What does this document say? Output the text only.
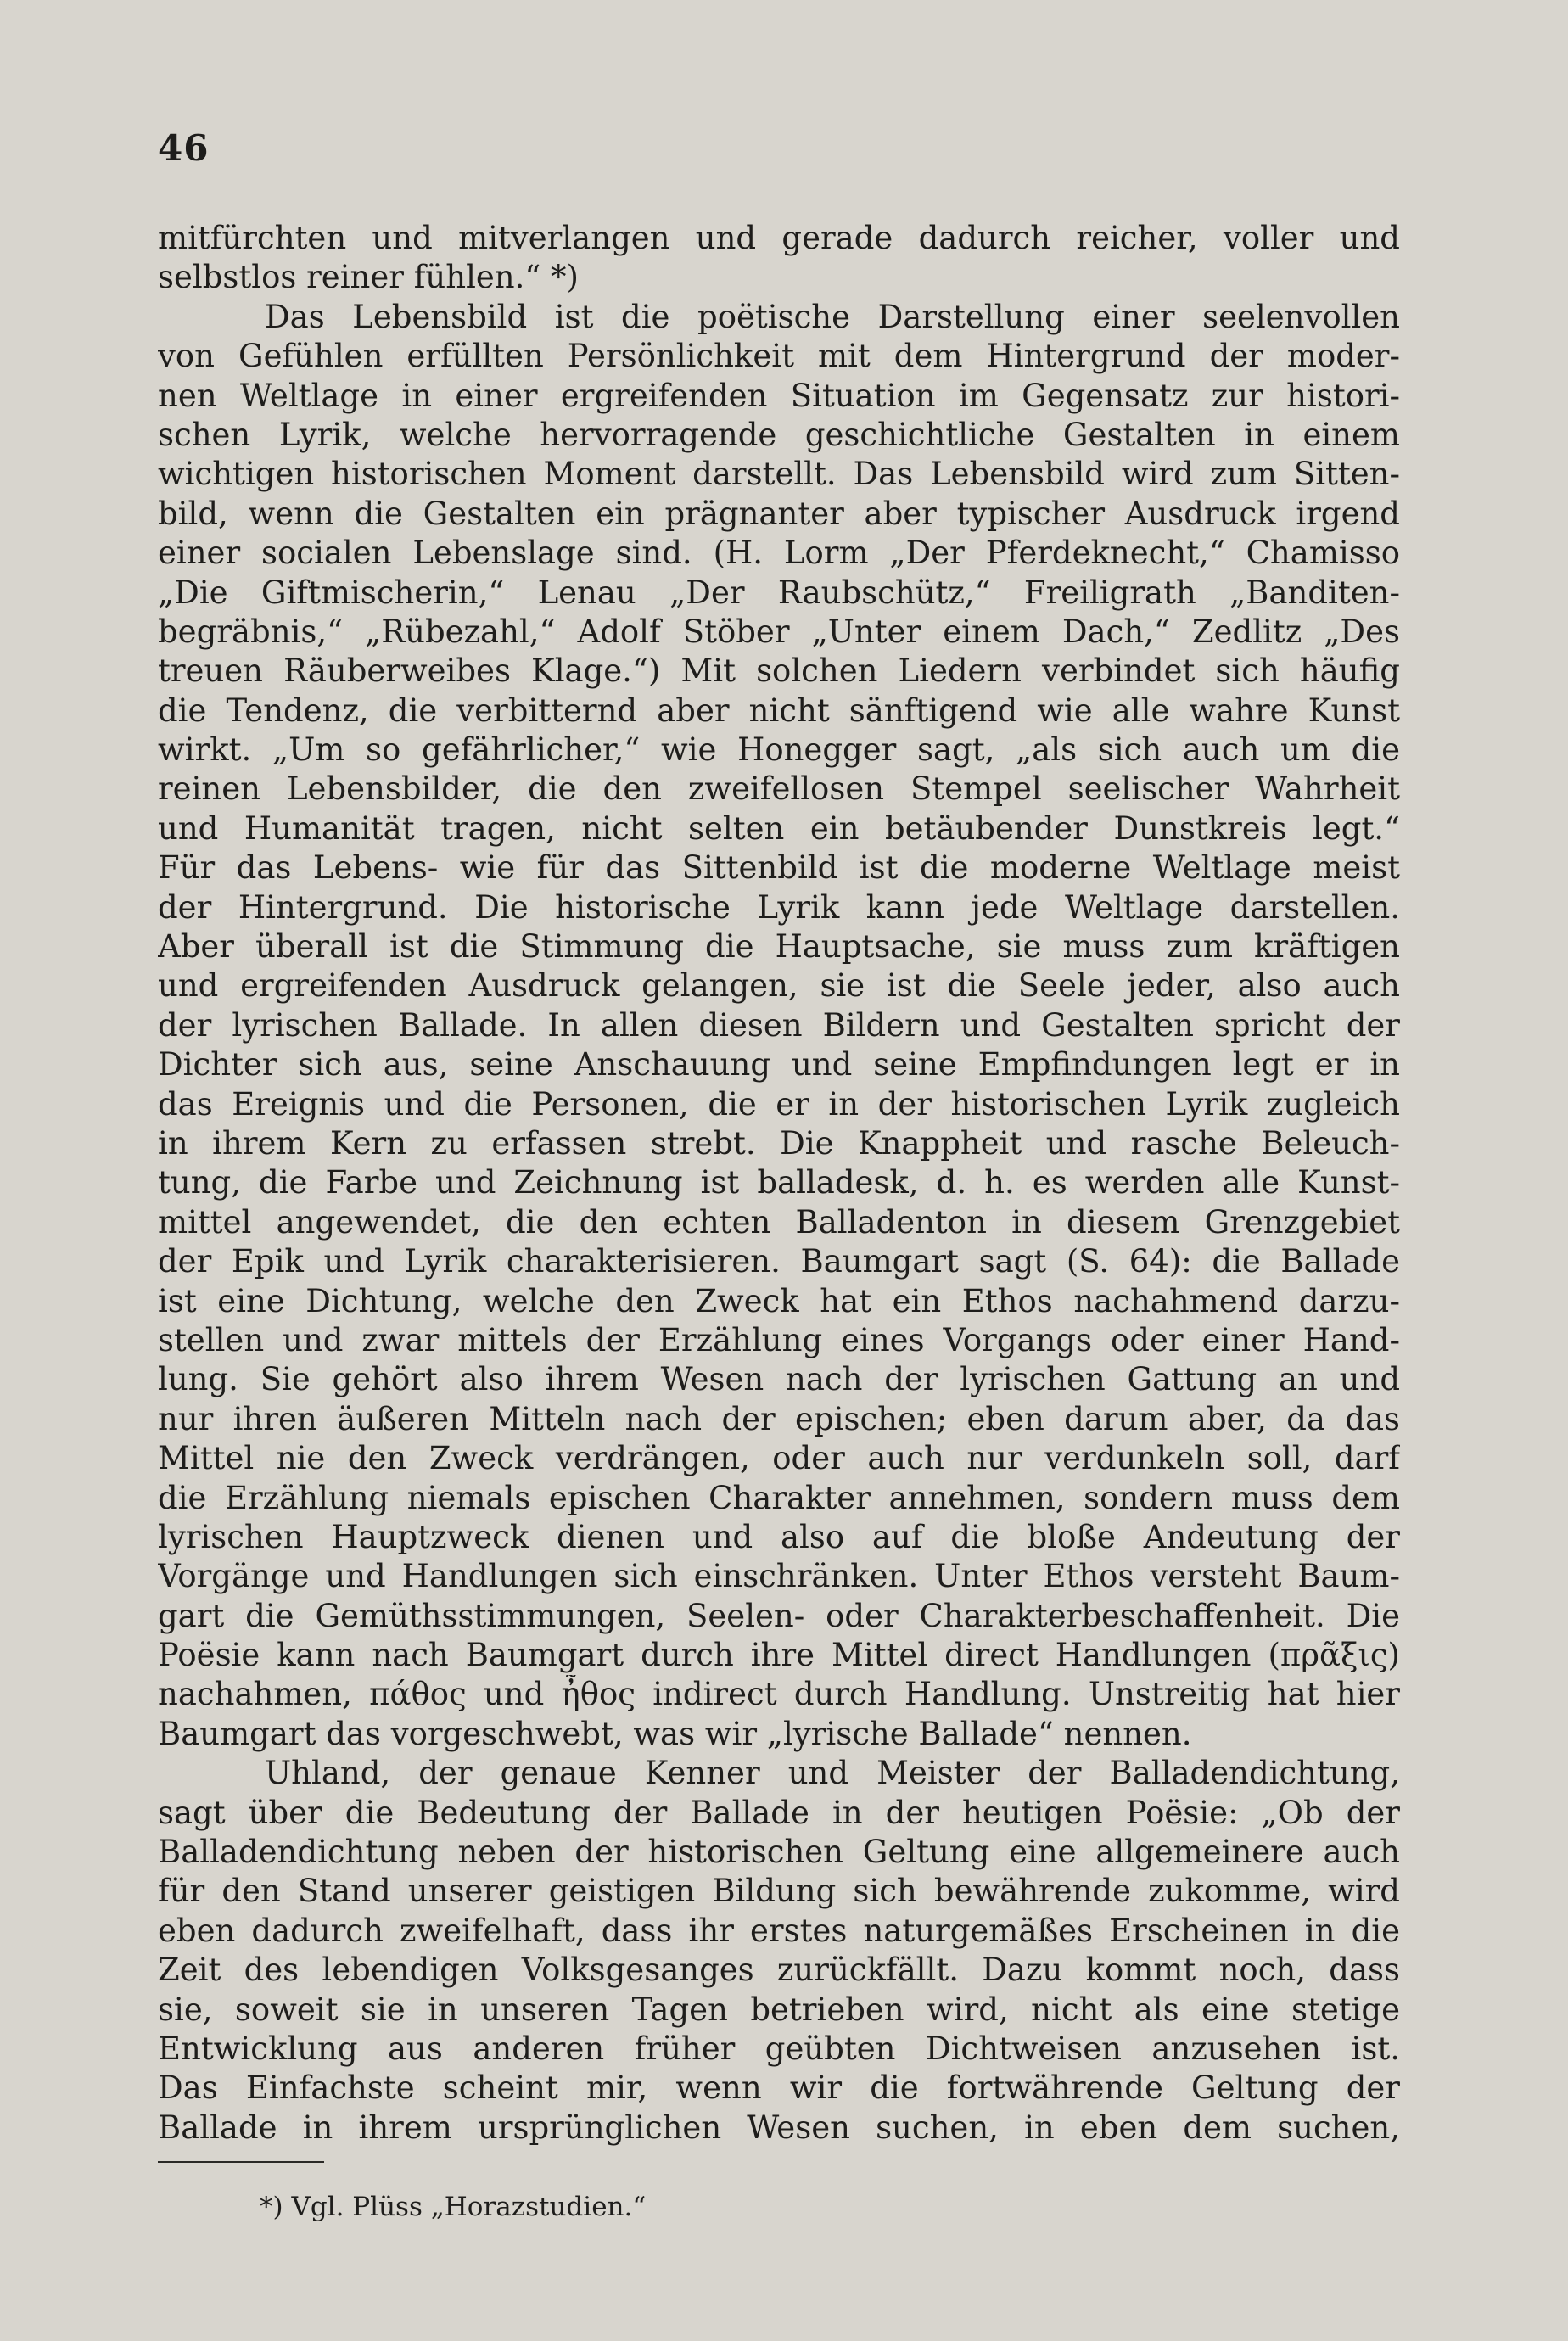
46
mitfürchten und mitverlangen und gerade dadurch reicher, voller und
selbstlos reiner fühlen.“ *)
Das Lebensbild ist die poëtische Darstellung einer seelenvollen
von Gefühlen erfüllten Persönlichkeit mit dem Hintergrund der moder-
nen Weltlage in einer ergreifenden Situation im Gegensatz zur histori-
schen Lyrik, welche hervorragende geschichtliche Gestalten in einem
wichtigen historischen Moment darstellt. Das Lebensbild wird zum Sitten-
bild, wenn die Gestalten ein prägnanter aber typischer Ausdruck irgend
einer socialen Lebenslage sind. (H. Lorm „Der Pferdeknecht,“ Chamisso
„Die Giftmischerin,“ Lenau „Der Raubschütz,“ Freiligrath „Banditen-
begräbnis,“ „Rübezahl,“ Adolf Stöber „Unter einem Dach,“ Zedlitz „Des
treuen Räuberweibes Klage.“) Mit solchen Liedern verbindet sich häufig
die Tendenz, die verbitternd aber nicht sänftigend wie alle wahre Kunst
wirkt. „Um so gefährlicher,“ wie Honegger sagt, „als sich auch um die
reinen Lebensbilder, die den zweifellosen Stempel seelischer Wahrheit
und Humanität tragen, nicht selten ein betäubender Dunstkreis legt.“
Für das Lebens- wie für das Sittenbild ist die moderne Weltlage meist
der Hintergrund. Die historische Lyrik kann jede Weltlage darstellen.
Aber überall ist die Stimmung die Hauptsache, sie muss zum kräftigen
und ergreifenden Ausdruck gelangen, sie ist die Seele jeder, also auch
der lyrischen Ballade. In allen diesen Bildern und Gestalten spricht der
Dichter sich aus, seine Anschauung und seine Empfindungen legt er in
das Ereignis und die Personen, die er in der historischen Lyrik zugleich
in ihrem Kern zu erfassen strebt. Die Knappheit und rasche Beleuch-
tung, die Farbe und Zeichnung ist balladesk, d. h. es werden alle Kunst-
mittel angewendet, die den echten Balladenton in diesem Grenzgebiet
der Epik und Lyrik charakterisieren. Baumgart sagt (S. 64): die Ballade
ist eine Dichtung, welche den Zweck hat ein Ethos nachahmend darzu-
stellen und zwar mittels der Erzählung eines Vorgangs oder einer Hand-
lung. Sie gehört also ihrem Wesen nach der lyrischen Gattung an und
nur ihren äußeren Mitteln nach der epischen; eben darum aber, da das
Mittel nie den Zweck verdrängen, oder auch nur verdunkeln soll, darf
die Erzählung niemals epischen Charakter annehmen, sondern muss dem
lyrischen Hauptzweck dienen und also auf die bloße Andeutung der
Vorgänge und Handlungen sich einschränken. Unter Ethos versteht Baum-
gart die Gemüthsstimmungen, Seelen- oder Charakterbeschaffenheit. Die
Poësie kann nach Baumgart durch ihre Mittel direct Handlungen (πρᾶξις)
nachahmen, πάθος und ἦθος indirect durch Handlung. Unstreitig hat hier
Baumgart das vorgeschwebt, was wir „lyrische Ballade“ nennen.
Uhland, der genaue Kenner und Meister der Balladendichtung,
sagt über die Bedeutung der Ballade in der heutigen Poësie: „Ob der
Balladendichtung neben der historischen Geltung eine allgemeinere auch
für den Stand unserer geistigen Bildung sich bewährende zukomme, wird
eben dadurch zweifelhaft, dass ihr erstes naturgemäßes Erscheinen in die
Zeit des lebendigen Volksgesanges zurückfällt. Dazu kommt noch, dass
sie, soweit sie in unseren Tagen betrieben wird, nicht als eine stetige
Entwicklung aus anderen früher geübten Dichtweisen anzusehen ist.
Das Einfachste scheint mir, wenn wir die fortwährende Geltung der
Ballade in ihrem ursprünglichen Wesen suchen, in eben dem suchen,
*) Vgl. Plüss „Horazstudien.“
